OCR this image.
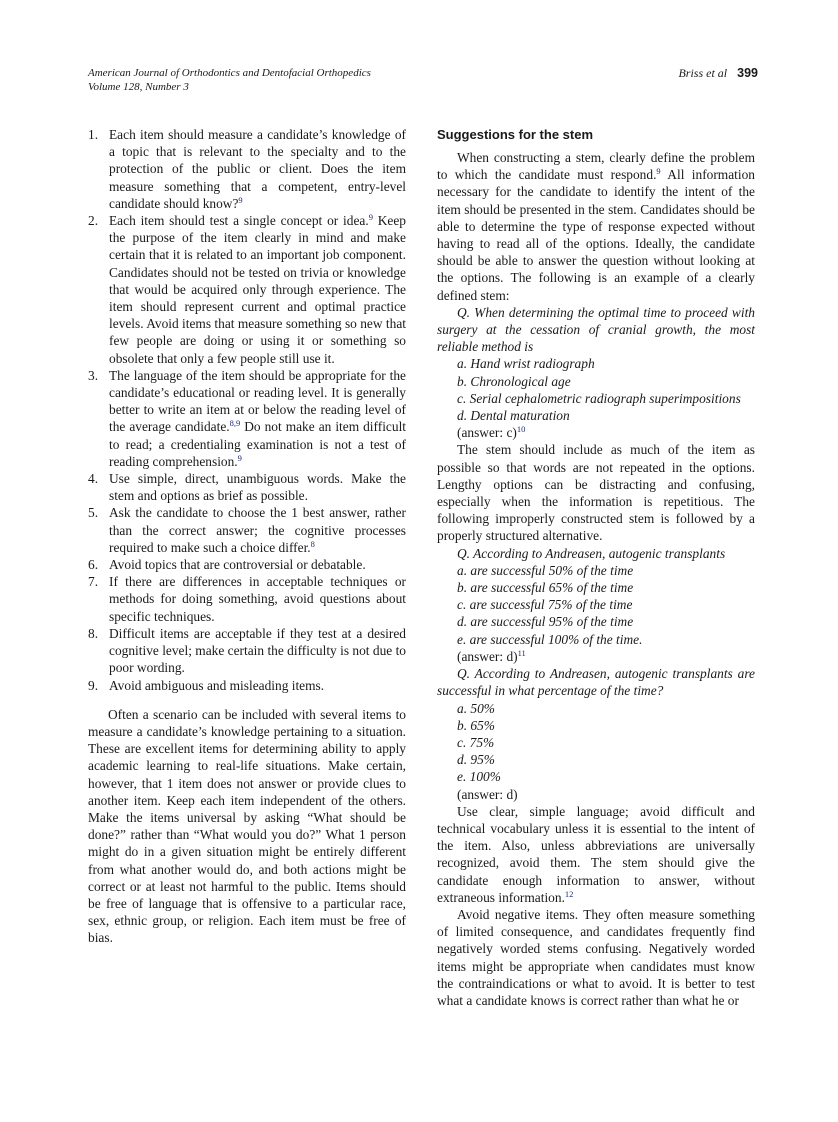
American Journal of Orthodontics and Dentofacial Orthopedics
Volume 128, Number 3
Briss et al 399
1. Each item should measure a candidate’s knowledge of a topic that is relevant to the specialty and to the protection of the public or client. Does the item measure something that a competent, entry-level candidate should know?$^9$
2. Each item should test a single concept or idea.$^9$ Keep the purpose of the item clearly in mind and make certain that it is related to an important job component. Candidates should not be tested on trivia or knowledge that would be acquired only through experience. The item should represent current and optimal practice levels. Avoid items that measure something so new that few people are doing or using it or something so obsolete that only a few people still use it.
3. The language of the item should be appropriate for the candidate’s educational or reading level. It is generally better to write an item at or below the reading level of the average candidate.$^{8,9}$ Do not make an item difficult to read; a credentialing examination is not a test of reading comprehension.$^9$
4. Use simple, direct, unambiguous words. Make the stem and options as brief as possible.
5. Ask the candidate to choose the 1 best answer, rather than the correct answer; the cognitive processes required to make such a choice differ.$^8$
6. Avoid topics that are controversial or debatable.
7. If there are differences in acceptable techniques or methods for doing something, avoid questions about specific techniques.
8. Difficult items are acceptable if they test at a desired cognitive level; make certain the difficulty is not due to poor wording.
9. Avoid ambiguous and misleading items.

Often a scenario can be included with several items to measure a candidate’s knowledge pertaining to a situation. These are excellent items for determining ability to apply academic learning to real-life situations. Make certain, however, that 1 item does not answer or provide clues to another item. Keep each item independent of the others. Make the items universal by asking “What should be done?” rather than “What would you do?” What 1 person might do in a given situation might be entirely different from what another would do, and both actions might be correct or at least not harmful to the public. Items should be free of language that is offensive to a particular race, sex, ethnic group, or religion. Each item must be free of bias.

Suggestions for the stem

When constructing a stem, clearly define the problem to which the candidate must respond.$^9$ All information necessary for the candidate to identify the intent of the item should be presented in the stem. Candidates should be able to determine the type of response expected without having to read all of the options. Ideally, the candidate should be able to answer the question without looking at the options. The following is an example of a clearly defined stem:

Q. When determining the optimal time to proceed with surgery at the cessation of cranial growth, the most reliable method is

a. Hand wrist radiograph

b. Chronological age

c. Serial cephalometric radiograph superimpositions

d. Dental maturation

(answer: c)$^{10}$

The stem should include as much of the item as possible so that words are not repeated in the options. Lengthy options can be distracting and confusing, especially when the information is repetitious. The following improperly constructed stem is followed by a properly structured alternative.

Q. According to Andreasen, autogenic transplants

a. are successful 50% of the time

b. are successful 65% of the time

c. are successful 75% of the time

d. are successful 95% of the time

e. are successful 100% of the time.

(answer: d)$^{11}$

Q. According to Andreasen, autogenic transplants are successful in what percentage of the time?

a. 50%

b. 65%

c. 75%

d. 95%

e. 100%

(answer: d)

Use clear, simple language; avoid difficult and technical vocabulary unless it is essential to the intent of the item. Also, unless abbreviations are universally recognized, avoid them. The stem should give the candidate enough information to answer, without extraneous information.$^{12}$

Avoid negative items. They often measure something of limited consequence, and candidates frequently find negatively worded stems confusing. Negatively worded items might be appropriate when candidates must know the contraindications or what to avoid. It is better to test what a candidate knows is correct rather than what he or
